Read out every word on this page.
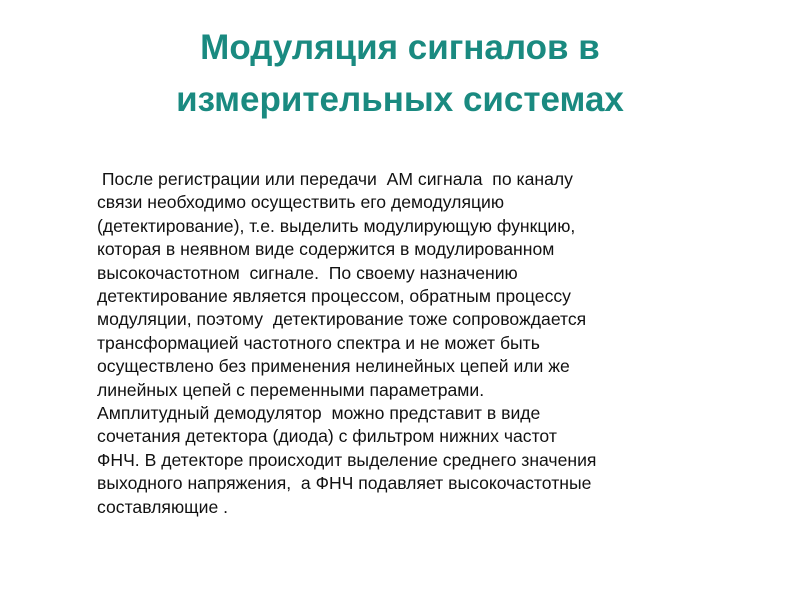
Модуляция сигналов в
измерительных системах
После регистрации или передачи  АМ сигнала  по каналу
связи необходимо осуществить его демодуляцию
(детектирование), т.е. выделить модулирующую функцию,
которая в неявном виде содержится в модулированном
высокочастотном  сигнале.  По своему назначению
детектирование является процессом, обратным процессу
модуляции, поэтому  детектирование тоже сопровождается
трансформацией частотного спектра и не может быть
осуществлено без применения нелинейных цепей или же
линейных цепей с переменными параметрами.
Амплитудный демодулятор  можно представит в виде
сочетания детектора (диода) с фильтром нижних частот
ФНЧ. В детекторе происходит выделение среднего значения
выходного напряжения,  а ФНЧ подавляет высокочастотные
составляющие .
